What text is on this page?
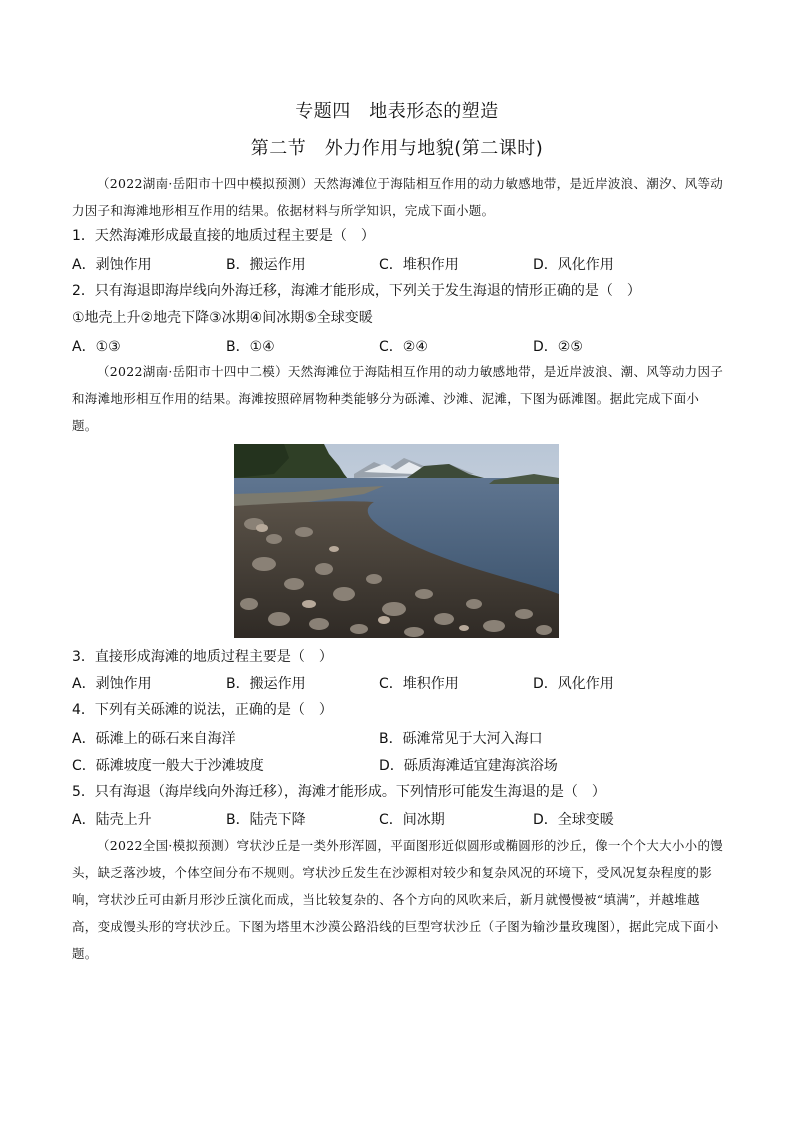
专题四　地表形态的塑造
第二节　外力作用与地貌(第二课时)
（2022湖南·岳阳市十四中模拟预测）天然海滩位于海陆相互作用的动力敏感地带，是近岸波浪、潮汐、风等动力因子和海滩地形相互作用的结果。依据材料与所学知识，完成下面小题。
1．天然海滩形成最直接的地质过程主要是（　）
A．剥蚀作用	B．搬运作用	C．堆积作用	D．风化作用
2．只有海退即海岸线向外海迁移，海滩才能形成，下列关于发生海退的情形正确的是（　）
①地壳上升②地壳下降③冰期④间冰期⑤全球变暖
A．①③	B．①④	C．②④	D．②⑤
（2022湖南·岳阳市十四中二模）天然海滩位于海陆相互作用的动力敏感地带，是近岸波浪、潮、风等动力因子和海滩地形相互作用的结果。海滩按照碎屑物种类能够分为砾滩、沙滩、泥滩，下图为砾滩图。据此完成下面小题。
3．直接形成海滩的地质过程主要是（　）
A．剥蚀作用	B．搬运作用	C．堆积作用	D．风化作用
4．下列有关砾滩的说法，正确的是（　）
A．砾滩上的砾石来自海洋	B．砾滩常见于大河入海口
C．砾滩坡度一般大于沙滩坡度	D．砾质海滩适宜建海滨浴场
5．只有海退（海岸线向外海迁移），海滩才能形成。下列情形可能发生海退的是（　）
A．陆壳上升	B．陆壳下降	C．间冰期	D．全球变暖
（2022全国·模拟预测）穹状沙丘是一类外形浑圆，平面图形近似圆形或椭圆形的沙丘，像一个个大大小小的馒头，缺乏落沙坡，个体空间分布不规则。穹状沙丘发生在沙源相对较少和复杂风况的环境下，受风况复杂程度的影响，穹状沙丘可由新月形沙丘演化而成，当比较复杂的、各个方向的风吹来后，新月就慢慢被“填满”，并越堆越高，变成馒头形的穹状沙丘。下图为塔里木沙漠公路沿线的巨型穹状沙丘（子图为输沙量玫瑰图），据此完成下面小题。
